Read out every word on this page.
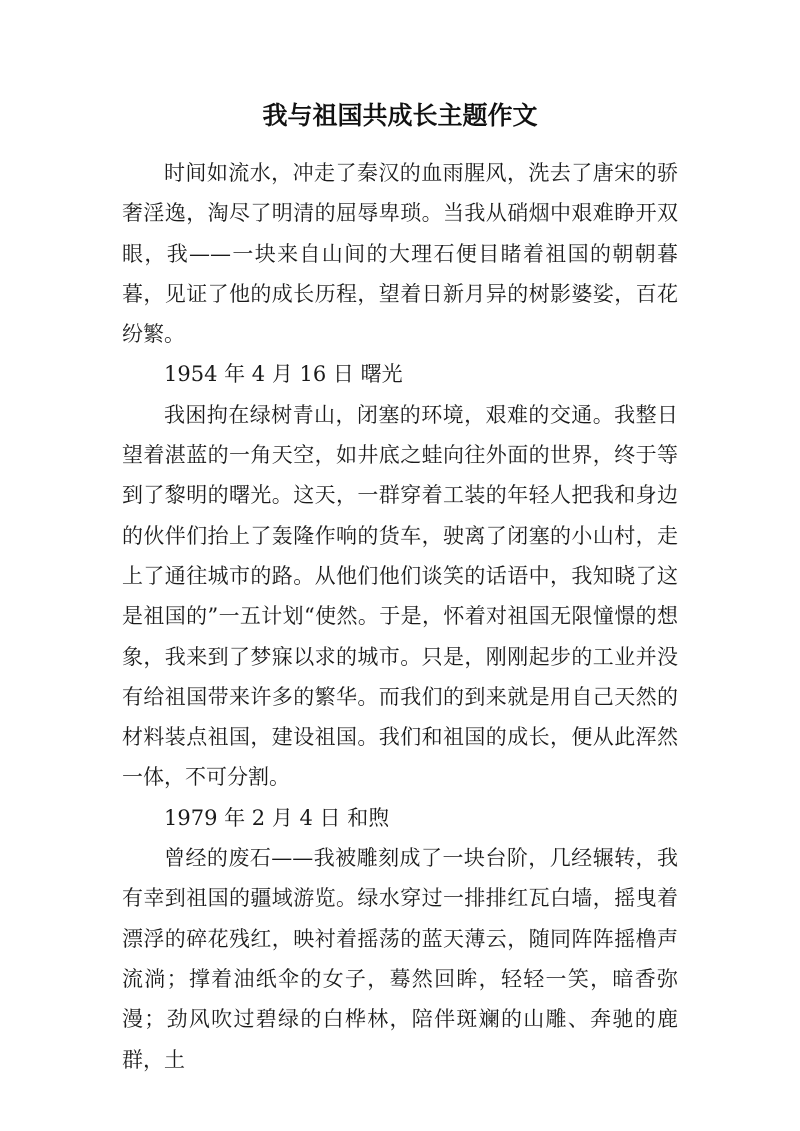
我与祖国共成长主题作文

时间如流水，冲走了秦汉的血雨腥风，洗去了唐宋的骄奢淫逸，淘尽了明清的屈辱卑琐。当我从硝烟中艰难睁开双眼，我——一块来自山间的大理石便目睹着祖国的朝朝暮暮，见证了他的成长历程，望着日新月异的树影婆娑，百花纷繁。

1954 年 4 月 16 日 曙光

我困拘在绿树青山，闭塞的环境，艰难的交通。我整日望着湛蓝的一角天空，如井底之蛙向往外面的世界，终于等到了黎明的曙光。这天，一群穿着工装的年轻人把我和身边的伙伴们抬上了轰隆作响的货车，驶离了闭塞的小山村，走上了通往城市的路。从他们他们谈笑的话语中，我知晓了这是祖国的”一五计划“使然。于是，怀着对祖国无限憧憬的想象，我来到了梦寐以求的城市。只是，刚刚起步的工业并没有给祖国带来许多的繁华。而我们的到来就是用自己天然的材料装点祖国，建设祖国。我们和祖国的成长，便从此浑然一体，不可分割。

1979 年 2 月 4 日 和煦

曾经的废石——我被雕刻成了一块台阶，几经辗转，我有幸到祖国的疆域游览。绿水穿过一排排红瓦白墙，摇曳着漂浮的碎花残红，映衬着摇荡的蓝天薄云，随同阵阵摇橹声流淌；撑着油纸伞的女子，蓦然回眸，轻轻一笑，暗香弥漫；劲风吹过碧绿的白桦林，陪伴斑斓的山雕、奔驰的鹿群，土
